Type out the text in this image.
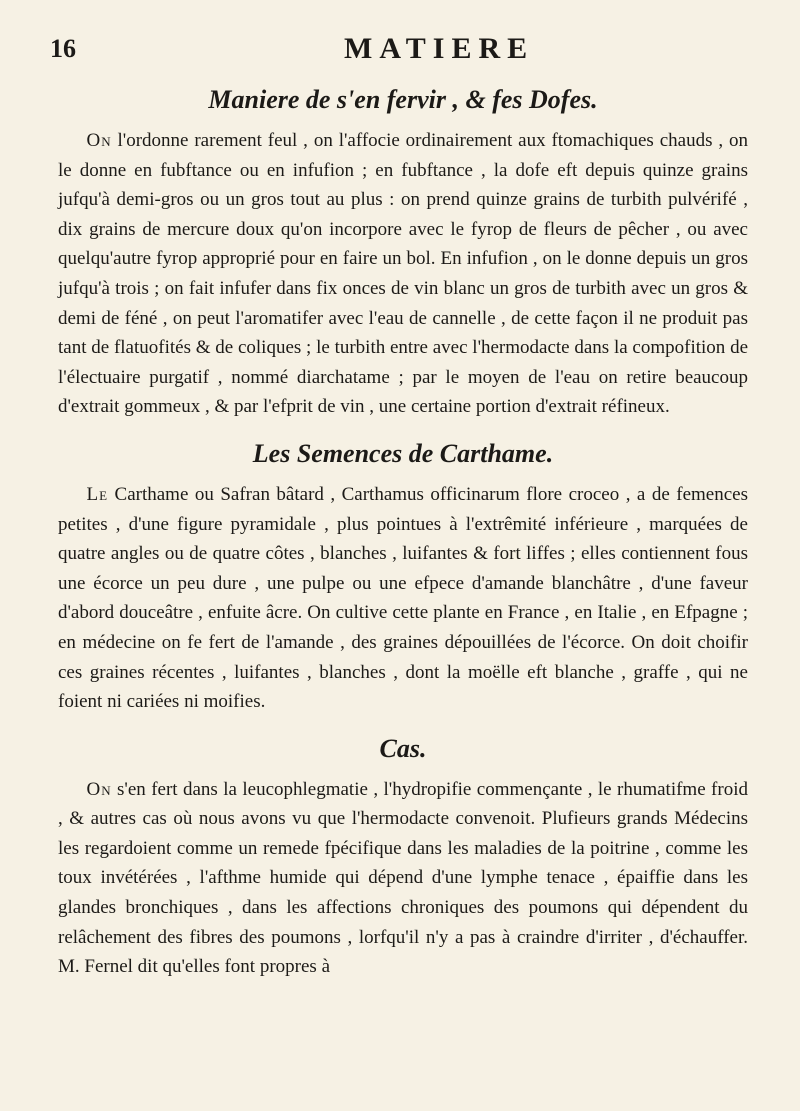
16	MATIERE
Maniere de s'en fervir , & fes Dofes.

On l'ordonne rarement feul , on l'affocie ordinairement aux ftomachiques chauds , on le donne en fubftance ou en infufion ; en fubftance , la dofe eft depuis quinze grains jufqu'à demi-gros ou un gros tout au plus : on prend quinze grains de turbith pulvérifé , dix grains de mercure doux qu'on incorpore avec le fyrop de fleurs de pêcher , ou avec quelqu'autre fyrop approprié pour en faire un bol. En infufion , on le donne depuis un gros jufqu'à trois ; on fait infufer dans fix onces de vin blanc un gros de turbith avec un gros & demi de féné , on peut l'aromatifer avec l'eau de cannelle , de cette façon il ne produit pas tant de flatuofités & de coliques ; le turbith entre avec l'hermodacte dans la compofition de l'électuaire purgatif , nommé diarchatame ; par le moyen de l'eau on retire beaucoup d'extrait gommeux , & par l'efprit de vin , une certaine portion d'extrait réfineux.

Les Semences de Carthame.

Le Carthame ou Safran bâtard , Carthamus officinarum flore croceo , a de femences petites , d'une figure pyramidale , plus pointues à l'extrêmité inférieure , marquées de quatre angles ou de quatre côtes , blanches , luifantes & fort liffes ; elles contiennent fous une écorce un peu dure , une pulpe ou une efpece d'amande blanchâtre , d'une faveur d'abord douceâtre , enfuite âcre. On cultive cette plante en France , en Italie , en Efpagne ; en médecine on fe fert de l'amande , des graines dépouillées de l'écorce. On doit choifir ces graines récentes , luifantes , blanches , dont la moëlle eft blanche , graffe , qui ne foient ni cariées ni moifies.

Cas.

On s'en fert dans la leucophlegmatie , l'hydropifie commençante , le rhumatifme froid , & autres cas où nous avons vu que l'hermodacte convenoit. Plufieurs grands Médecins les regardoient comme un remede fpécifique dans les maladies de la poitrine , comme les toux invétérées , l'afthme humide qui dépend d'une lymphe tenace , épaiffie dans les glandes bronchiques , dans les affections chroniques des poumons qui dépendent du relâchement des fibres des poumons , lorfqu'il n'y a pas à craindre d'irriter , d'échauffer. M. Fernel dit qu'elles font propres à
